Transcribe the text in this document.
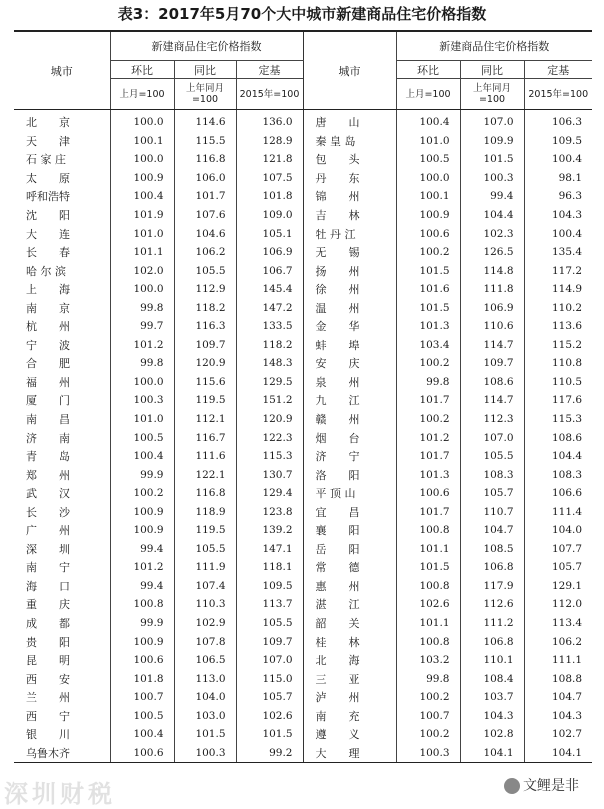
表3：2017年5月70个大中城市新建商品住宅价格指数
城市	新建商品住宅价格指数			城市	新建商品住宅价格指数		
	环比	同比	定基		环比	同比	定基
	上月=100	上年同月=100	2015年=100		上月=100	上年同月=100	2015年=100
北　　京	100.0	114.6	136.0	唐　　山	100.4	107.0	106.3
天　　津	100.1	115.5	128.9	秦 皇 岛	101.0	109.9	109.5
石 家 庄	100.0	116.8	121.8	包　　头	100.5	101.5	100.4
太　　原	100.9	106.0	107.5	丹　　东	100.0	100.3	98.1
呼和浩特	100.4	101.7	101.8	锦　　州	100.1	99.4	96.3
沈　　阳	101.9	107.6	109.0	吉　　林	100.9	104.4	104.3
大　　连	101.0	104.6	105.1	牡 丹 江	100.6	102.3	100.4
长　　春	101.1	106.2	106.9	无　　锡	100.2	126.5	135.4
哈 尔 滨	102.0	105.5	106.7	扬　　州	101.5	114.8	117.2
上　　海	100.0	112.9	145.4	徐　　州	101.6	111.8	114.9
南　　京	99.8	118.2	147.2	温　　州	101.5	106.9	110.2
杭　　州	99.7	116.3	133.5	金　　华	101.3	110.6	113.6
宁　　波	101.2	109.7	118.2	蚌　　埠	103.4	114.7	115.2
合　　肥	99.8	120.9	148.3	安　　庆	100.2	109.7	110.8
福　　州	100.0	115.6	129.5	泉　　州	99.8	108.6	110.5
厦　　门	100.3	119.5	151.2	九　　江	101.7	114.7	117.6
南　　昌	101.0	112.1	120.9	赣　　州	100.2	112.3	115.3
济　　南	100.5	116.7	122.3	烟　　台	101.2	107.0	108.6
青　　岛	100.4	111.6	115.3	济　　宁	101.7	105.5	104.4
郑　　州	99.9	122.1	130.7	洛　　阳	101.3	108.3	108.3
武　　汉	100.2	116.8	129.4	平 顶 山	100.6	105.7	106.6
长　　沙	100.9	118.9	123.8	宜　　昌	101.7	110.7	111.4
广　　州	100.9	119.5	139.2	襄　　阳	100.8	104.7	104.0
深　　圳	99.4	105.5	147.1	岳　　阳	101.1	108.5	107.7
南　　宁	101.2	111.9	118.1	常　　德	101.5	106.8	105.7
海　　口	99.4	107.4	109.5	惠　　州	100.8	117.9	129.1
重　　庆	100.8	110.3	113.7	湛　　江	102.6	112.6	112.0
成　　都	99.9	102.9	105.5	韶　　关	101.1	111.2	113.4
贵　　阳	100.9	107.8	109.7	桂　　林	100.8	106.8	106.2
昆　　明	100.6	106.5	107.0	北　　海	103.2	110.1	111.1
西　　安	101.8	113.0	115.0	三　　亚	99.8	108.4	108.8
兰　　州	100.7	104.0	105.7	泸　　州	100.2	103.7	104.7
西　　宁	100.5	103.0	102.6	南　　充	100.7	104.3	104.3
银　　川	100.4	101.5	101.5	遵　　义	100.2	102.8	102.7
乌鲁木齐	100.6	100.3	99.2	大　　理	100.3	104.1	104.1
深圳财税	文鲤是非
